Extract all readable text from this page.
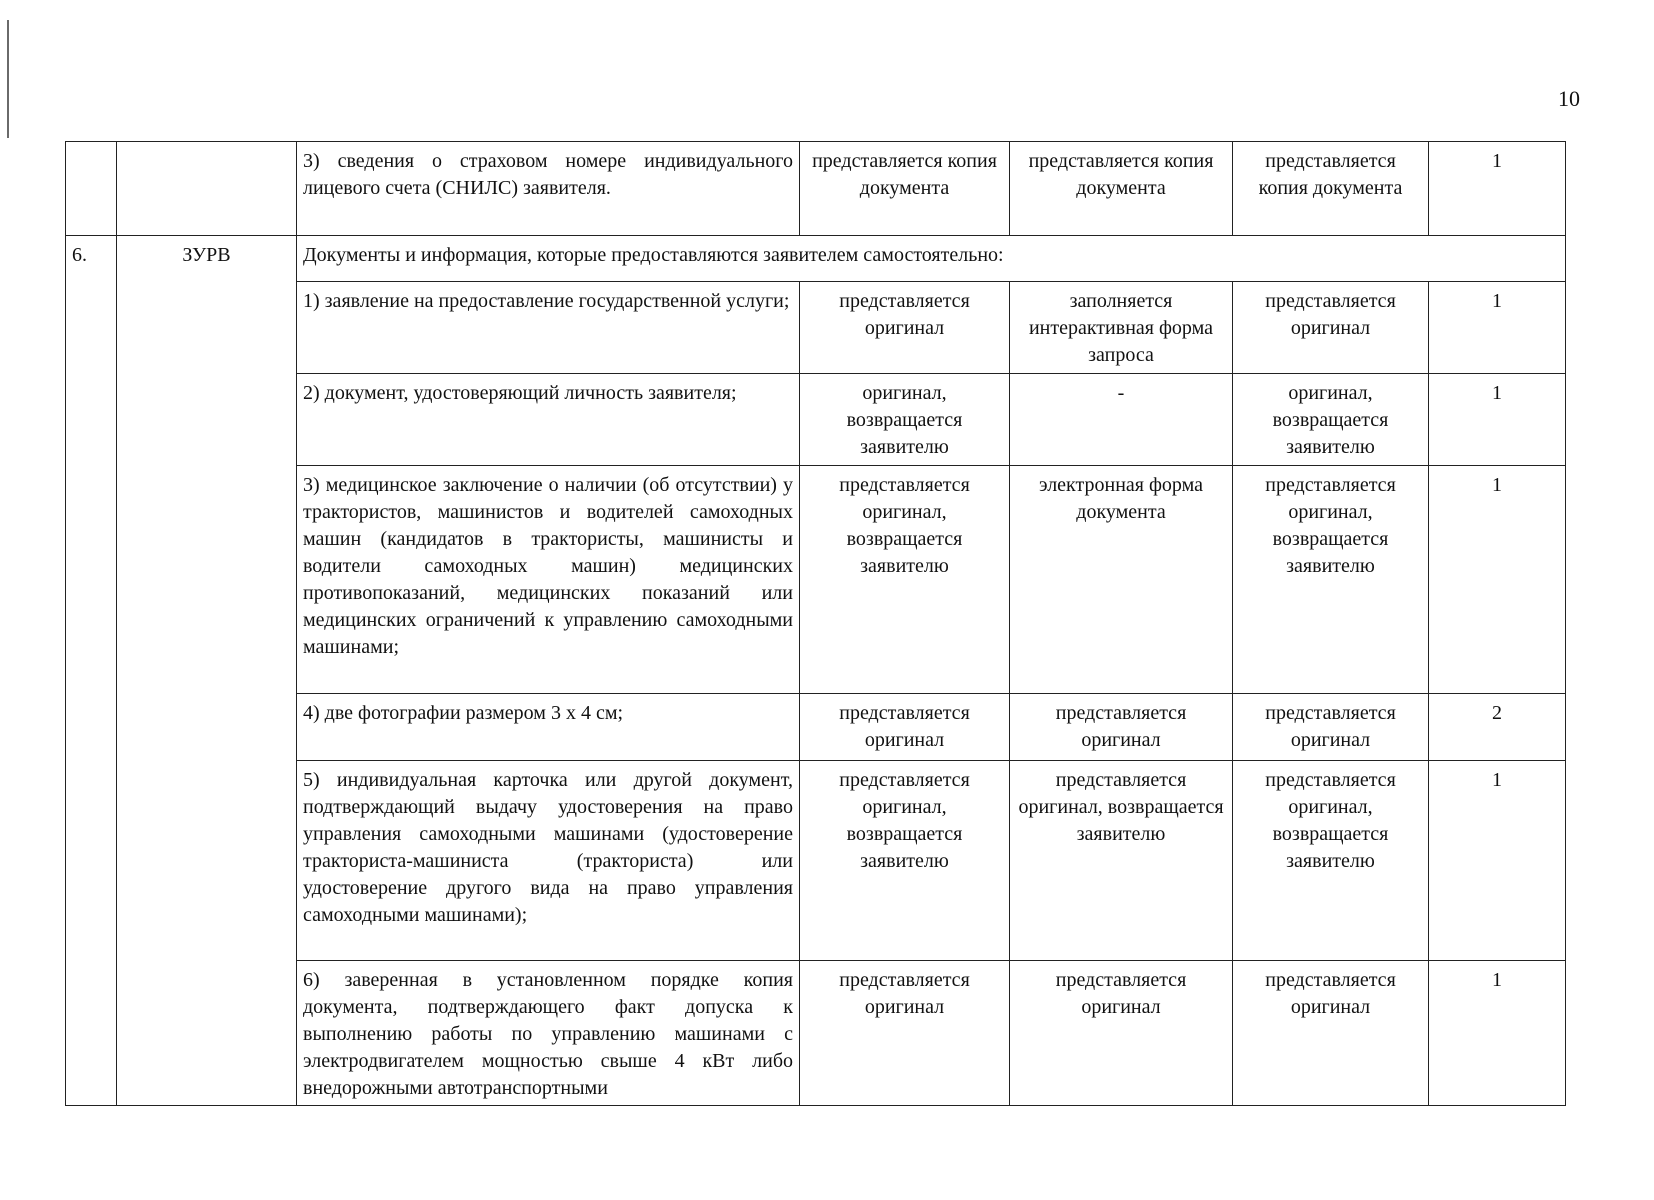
10
		3) сведения о страховом номере индивидуального лицевого счета (СНИЛС) заявителя.	представляется копия документа	представляется копия документа	представляется копия документа	1
6.	ЗУРВ	Документы и информация, которые предоставляются заявителем самостоятельно:				
		1) заявление на предоставление государственной услуги;	представляется оригинал	заполняется интерактивная форма запроса	представляется оригинал	1
		2) документ, удостоверяющий личность заявителя;	оригинал, возвращается заявителю	-	оригинал, возвращается заявителю	1
		3) медицинское заключение о наличии (об отсутствии) у трактористов, машинистов и водителей самоходных машин (кандидатов в трактористы, машинисты и водители самоходных машин) медицинских противопоказаний, медицинских показаний или медицинских ограничений к управлению самоходными машинами;	представляется оригинал, возвращается заявителю	электронная форма документа	представляется оригинал, возвращается заявителю	1
		4) две фотографии размером 3 х 4 см;	представляется оригинал	представляется оригинал	представляется оригинал	2
		5) индивидуальная карточка или другой документ, подтверждающий выдачу удостоверения на право управления самоходными машинами (удостоверение тракториста-машиниста (тракториста) или удостоверение другого вида на право управления самоходными машинами);	представляется оригинал, возвращается заявителю	представляется оригинал, возвращается заявителю	представляется оригинал, возвращается заявителю	1
		6) заверенная в установленном порядке копия документа, подтверждающего факт допуска к выполнению работы по управлению машинами с электродвигателем мощностью свыше 4 кВт либо внедорожными автотранспортными	представляется оригинал	представляется оригинал	представляется оригинал	1
